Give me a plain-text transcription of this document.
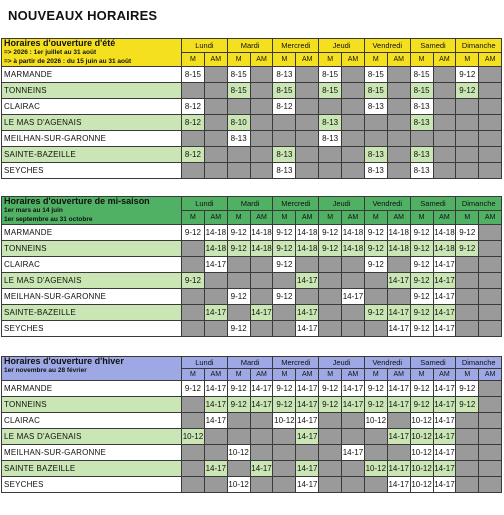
NOUVEAUX HORAIRES
Horaires d'ouverture d'été
=> 2026 : 1er juillet au 31 août
=> à partir de 2026 : du 15 juin au 31 août	Lundi		Mardi		Mercredi		Jeudi		Vendredi		Samedi		Dimanche	
	M	AM	M	AM	M	AM	M	AM	M	AM	M	AM	M	AM
MARMANDE	8-15		8-15		8-13		8-15		8-15		8-15		9-12	
TONNEINS			8-15		8-15		8-15		8-15		8-15		9-12	
CLAIRAC	8-12				8-12				8-13		8-13			
LE MAS D'AGENAIS	8-12		8-10				8-13				8-13			
MEILHAN-SUR-GARONNE			8-13				8-13							
SAINTE-BAZEILLE	8-12				8-13				8-13		8-13			
SEYCHES					8-13				8-13		8-13			
Horaires d'ouverture de mi-saison
1er mars au 14 juin
1er septembre au 31 octobre	Lundi		Mardi		Mercredi		Jeudi		Vendredi		Samedi		Dimanche	
	M	AM	M	AM	M	AM	M	AM	M	AM	M	AM	M	AM
MARMANDE	9-12	14-18	9-12	14-18	9-12	14-18	9-12	14-18	9-12	14-18	9-12	14-18	9-12	
TONNEINS		14-18	9-12	14-18	9-12	14-18	9-12	14-18	9-12	14-18	9-12	14-18	9-12	
CLAIRAC		14-17			9-12				9-12		9-12	14-17		
LE MAS D'AGENAIS	9-12					14-17				14-17	9-12	14-17		
MEILHAN-SUR-GARONNE			9-12		9-12			14-17			9-12	14-17		
SAINTE-BAZEILLE		14-17		14-17		14-17			9-12	14-17	9-12	14-17		
SEYCHES			9-12			14-17				14-17	9-12	14-17		
Horaires d'ouverture d'hiver
1er novembre au 28 février	Lundi		Mardi		Mercredi		Jeudi		Vendredi		Samedi		Dimanche	
	M	AM	M	AM	M	AM	M	AM	M	AM	M	AM	M	AM
MARMANDE	9-12	14-17	9-12	14-17	9-12	14-17	9-12	14-17	9-12	14-17	9-12	14-17	9-12	
TONNEINS		14-17	9-12	14-17	9-12	14-17	9-12	14-17	9-12	14-17	9-12	14-17	9-12	
CLAIRAC		14-17			10-12	14-17			10-12		10-12	14-17		
LE MAS D'AGENAIS	10-12					14-17				14-17	10-12	14-17		
MEILHAN-SUR-GARONNE			10-12					14-17			10-12	14-17		
SAINTE BAZEILLE		14-17		14-17		14-17			10-12	14-17	10-12	14-17		
SEYCHES			10-12			14-17				14-17	10-12	14-17		
